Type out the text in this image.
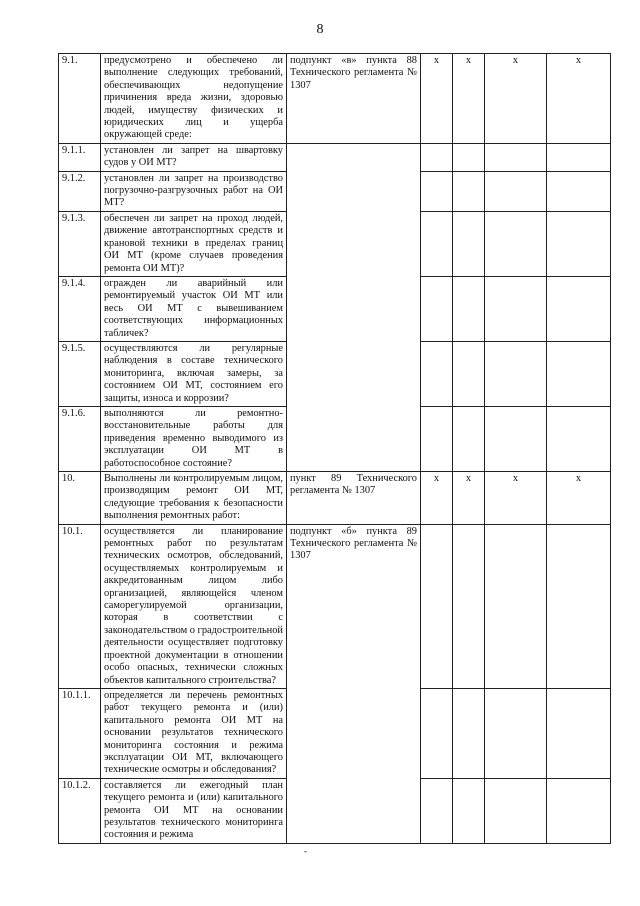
8
9.1.	предусмотрено и обеспечено ли выполнение следующих требований, обеспечивающих недопущение причинения вреда жизни, здоровью людей, имуществу физических и юридических лиц и ущерба окружающей среде:	подпункт «в» пункта 88 Технического регламента № 1307	x	x	x	x
9.1.1.	установлен ли запрет на швартовку судов у ОИ МТ?					
9.1.2.	установлен ли запрет на производство погрузочно-разгрузочных работ на ОИ МТ?					
9.1.3.	обеспечен ли запрет на проход людей, движение автотранспортных средств и крановой техники в пределах границ ОИ МТ (кроме случаев проведения ремонта ОИ МТ)?					
9.1.4.	огражден ли аварийный или ремонтируемый участок ОИ МТ или весь ОИ МТ с вывешиванием соответствующих информационных табличек?					
9.1.5.	осуществляются ли регулярные наблюдения в составе технического мониторинга, включая замеры, за состоянием ОИ МТ, состоянием его защиты, износа и коррозии?					
9.1.6.	выполняются ли ремонтно-восстановительные работы для приведения временно выводимого из эксплуатации ОИ МТ в работоспособное состояние?					
10.	Выполнены ли контролируемым лицом, производящим ремонт ОИ МТ, следующие требования к безопасности выполнения ремонтных работ:	пункт 89 Технического регламента № 1307	x	x	x	x
10.1.	осуществляется ли планирование ремонтных работ по результатам технических осмотров, обследований, осуществляемых контролируемым и аккредитованным лицом либо организацией, являющейся членом саморегулируемой организации, которая в соответствии с законодательством о градостроительной деятельности осуществляет подготовку проектной документации в отношении особо опасных, технически сложных объектов капитального строительства?	подпункт «б» пункта 89 Технического регламента № 1307				
10.1.1.	определяется ли перечень ремонтных работ текущего ремонта и (или) капитального ремонта ОИ МТ на основании результатов технического мониторинга состояния и режима эксплуатации ОИ МТ, включающего технические осмотры и обследования?					
10.1.2.	составляется ли ежегодный план текущего ремонта и (или) капитального ремонта ОИ МТ на основании результатов технического мониторинга состояния и режима					
-
